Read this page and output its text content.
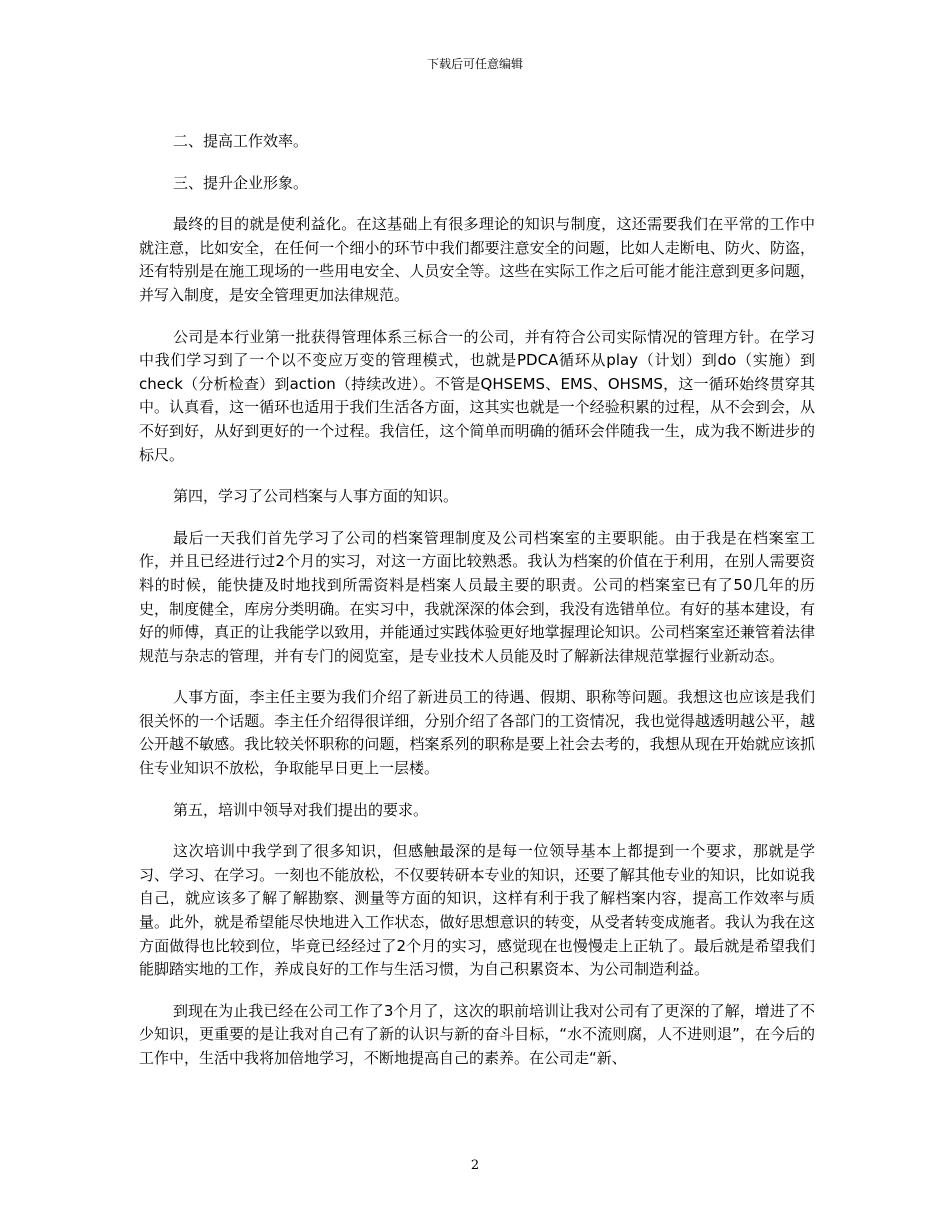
下载后可任意编辑

二、提高工作效率。

三、提升企业形象。

最终的目的就是使利益化。在这基础上有很多理论的知识与制度，这还需要我们在平常的工作中就注意，比如安全，在任何一个细小的环节中我们都要注意安全的问题，比如人走断电、防火、防盗，还有特别是在施工现场的一些用电安全、人员安全等。这些在实际工作之后可能才能注意到更多问题，并写入制度，是安全管理更加法律规范。

公司是本行业第一批获得管理体系三标合一的公司，并有符合公司实际情况的管理方针。在学习中我们学习到了一个以不变应万变的管理模式，也就是PDCA循环从play（计划）到do（实施）到check（分析检查）到action（持续改进）。不管是QHSEMS、EMS、OHSMS，这一循环始终贯穿其中。认真看，这一循环也适用于我们生活各方面，这其实也就是一个经验积累的过程，从不会到会，从不好到好，从好到更好的一个过程。我信任，这个简单而明确的循环会伴随我一生，成为我不断进步的标尺。

第四，学习了公司档案与人事方面的知识。

最后一天我们首先学习了公司的档案管理制度及公司档案室的主要职能。由于我是在档案室工作，并且已经进行过2个月的实习，对这一方面比较熟悉。我认为档案的价值在于利用，在别人需要资料的时候，能快捷及时地找到所需资料是档案人员最主要的职责。公司的档案室已有了50几年的历史，制度健全，库房分类明确。在实习中，我就深深的体会到，我没有选错单位。有好的基本建设，有好的师傅，真正的让我能学以致用，并能通过实践体验更好地掌握理论知识。公司档案室还兼管着法律规范与杂志的管理，并有专门的阅览室，是专业技术人员能及时了解新法律规范掌握行业新动态。

人事方面，李主任主要为我们介绍了新进员工的待遇、假期、职称等问题。我想这也应该是我们很关怀的一个话题。李主任介绍得很详细，分别介绍了各部门的工资情况，我也觉得越透明越公平，越公开越不敏感。我比较关怀职称的问题，档案系列的职称是要上社会去考的，我想从现在开始就应该抓住专业知识不放松，争取能早日更上一层楼。

第五，培训中领导对我们提出的要求。

这次培训中我学到了很多知识，但感触最深的是每一位领导基本上都提到一个要求，那就是学习、学习、在学习。一刻也不能放松，不仅要转研本专业的知识，还要了解其他专业的知识，比如说我自己，就应该多了解了解勘察、测量等方面的知识，这样有利于我了解档案内容，提高工作效率与质量。此外，就是希望能尽快地进入工作状态，做好思想意识的转变，从受者转变成施者。我认为我在这方面做得也比较到位，毕竟已经经过了2个月的实习，感觉现在也慢慢走上正轨了。最后就是希望我们能脚踏实地的工作，养成良好的工作与生活习惯，为自己积累资本、为公司制造利益。

到现在为止我已经在公司工作了3个月了，这次的职前培训让我对公司有了更深的了解，增进了不少知识，更重要的是让我对自己有了新的认识与新的奋斗目标，“水不流则腐，人不进则退”，在今后的工作中，生活中我将加倍地学习，不断地提高自己的素养。在公司走“新、

2
